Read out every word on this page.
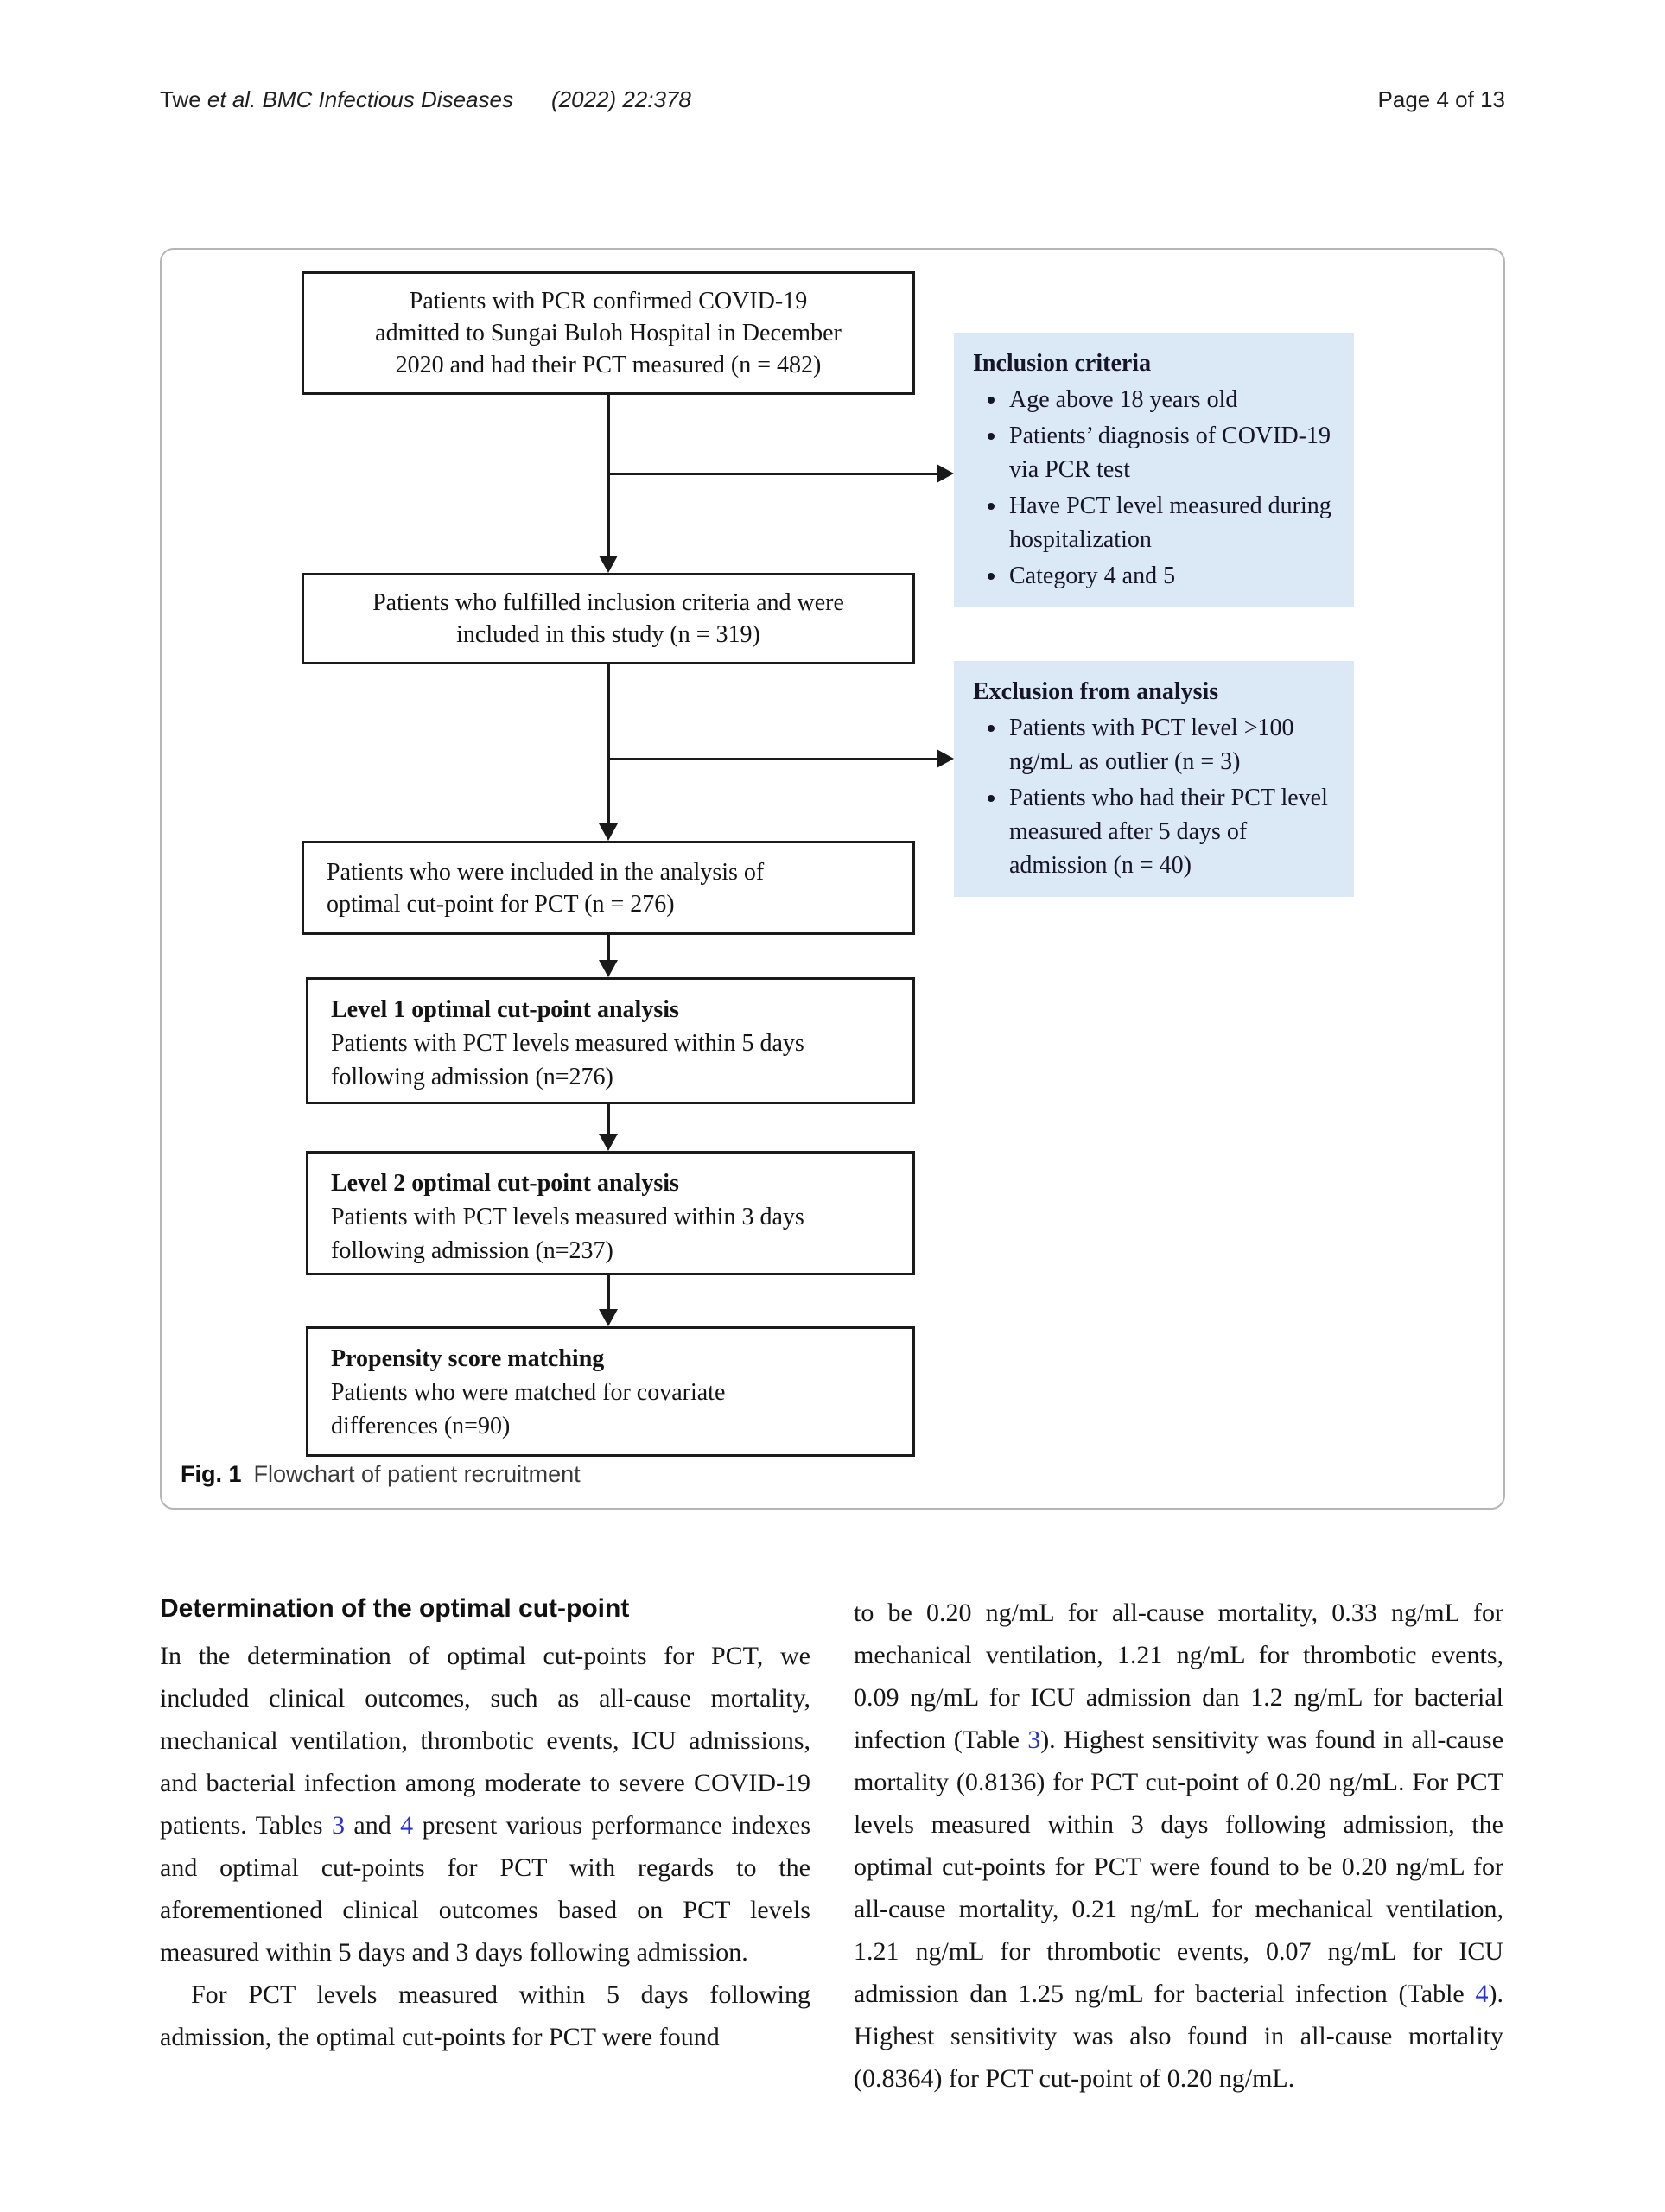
Twe et al. BMC Infectious Diseases (2022) 22:378	Page 4 of 13
Patients with PCR confirmed COVID-19
admitted to Sungai Buloh Hospital in December
2020 and had their PCT measured (n = 482)	Inclusion criteria
• Age above 18 years old
• Patients’ diagnosis of COVID-19 via PCR test
• Have PCT level measured during hospitalization
• Category 4 and 5
Patients who fulfilled inclusion criteria and were
included in this study (n = 319)
Exclusion from analysis
• Patients with PCT level >100 ng/mL as outlier (n = 3)
• Patients who had their PCT level measured after 5 days of admission (n = 40)
Patients who were included in the analysis of
optimal cut-point for PCT (n = 276)
Level 1 optimal cut-point analysis
Patients with PCT levels measured within 5 days
following admission (n=276)
Level 2 optimal cut-point analysis
Patients with PCT levels measured within 3 days
following admission (n=237)
Propensity score matching
Patients who were matched for covariate
differences (n=90)
Fig. 1 Flowchart of patient recruitment
Determination of the optimal cut-point

In the determination of optimal cut-points for PCT, we included clinical outcomes, such as all-cause mortality, mechanical ventilation, thrombotic events, ICU admissions, and bacterial infection among moderate to severe COVID-19 patients. Tables 3 and 4 present various performance indexes and optimal cut-points for PCT with regards to the aforementioned clinical outcomes based on PCT levels measured within 5 days and 3 days following admission.

For PCT levels measured within 5 days following admission, the optimal cut-points for PCT were found

to be 0.20 ng/mL for all-cause mortality, 0.33 ng/mL for mechanical ventilation, 1.21 ng/mL for thrombotic events, 0.09 ng/mL for ICU admission dan 1.2 ng/mL for bacterial infection (Table 3). Highest sensitivity was found in all-cause mortality (0.8136) for PCT cut-point of 0.20 ng/mL. For PCT levels measured within 3 days following admission, the optimal cut-points for PCT were found to be 0.20 ng/mL for all-cause mortality, 0.21 ng/mL for mechanical ventilation, 1.21 ng/mL for thrombotic events, 0.07 ng/mL for ICU admission dan 1.25 ng/mL for bacterial infection (Table 4). Highest sensitivity was also found in all-cause mortality (0.8364) for PCT cut-point of 0.20 ng/mL.
